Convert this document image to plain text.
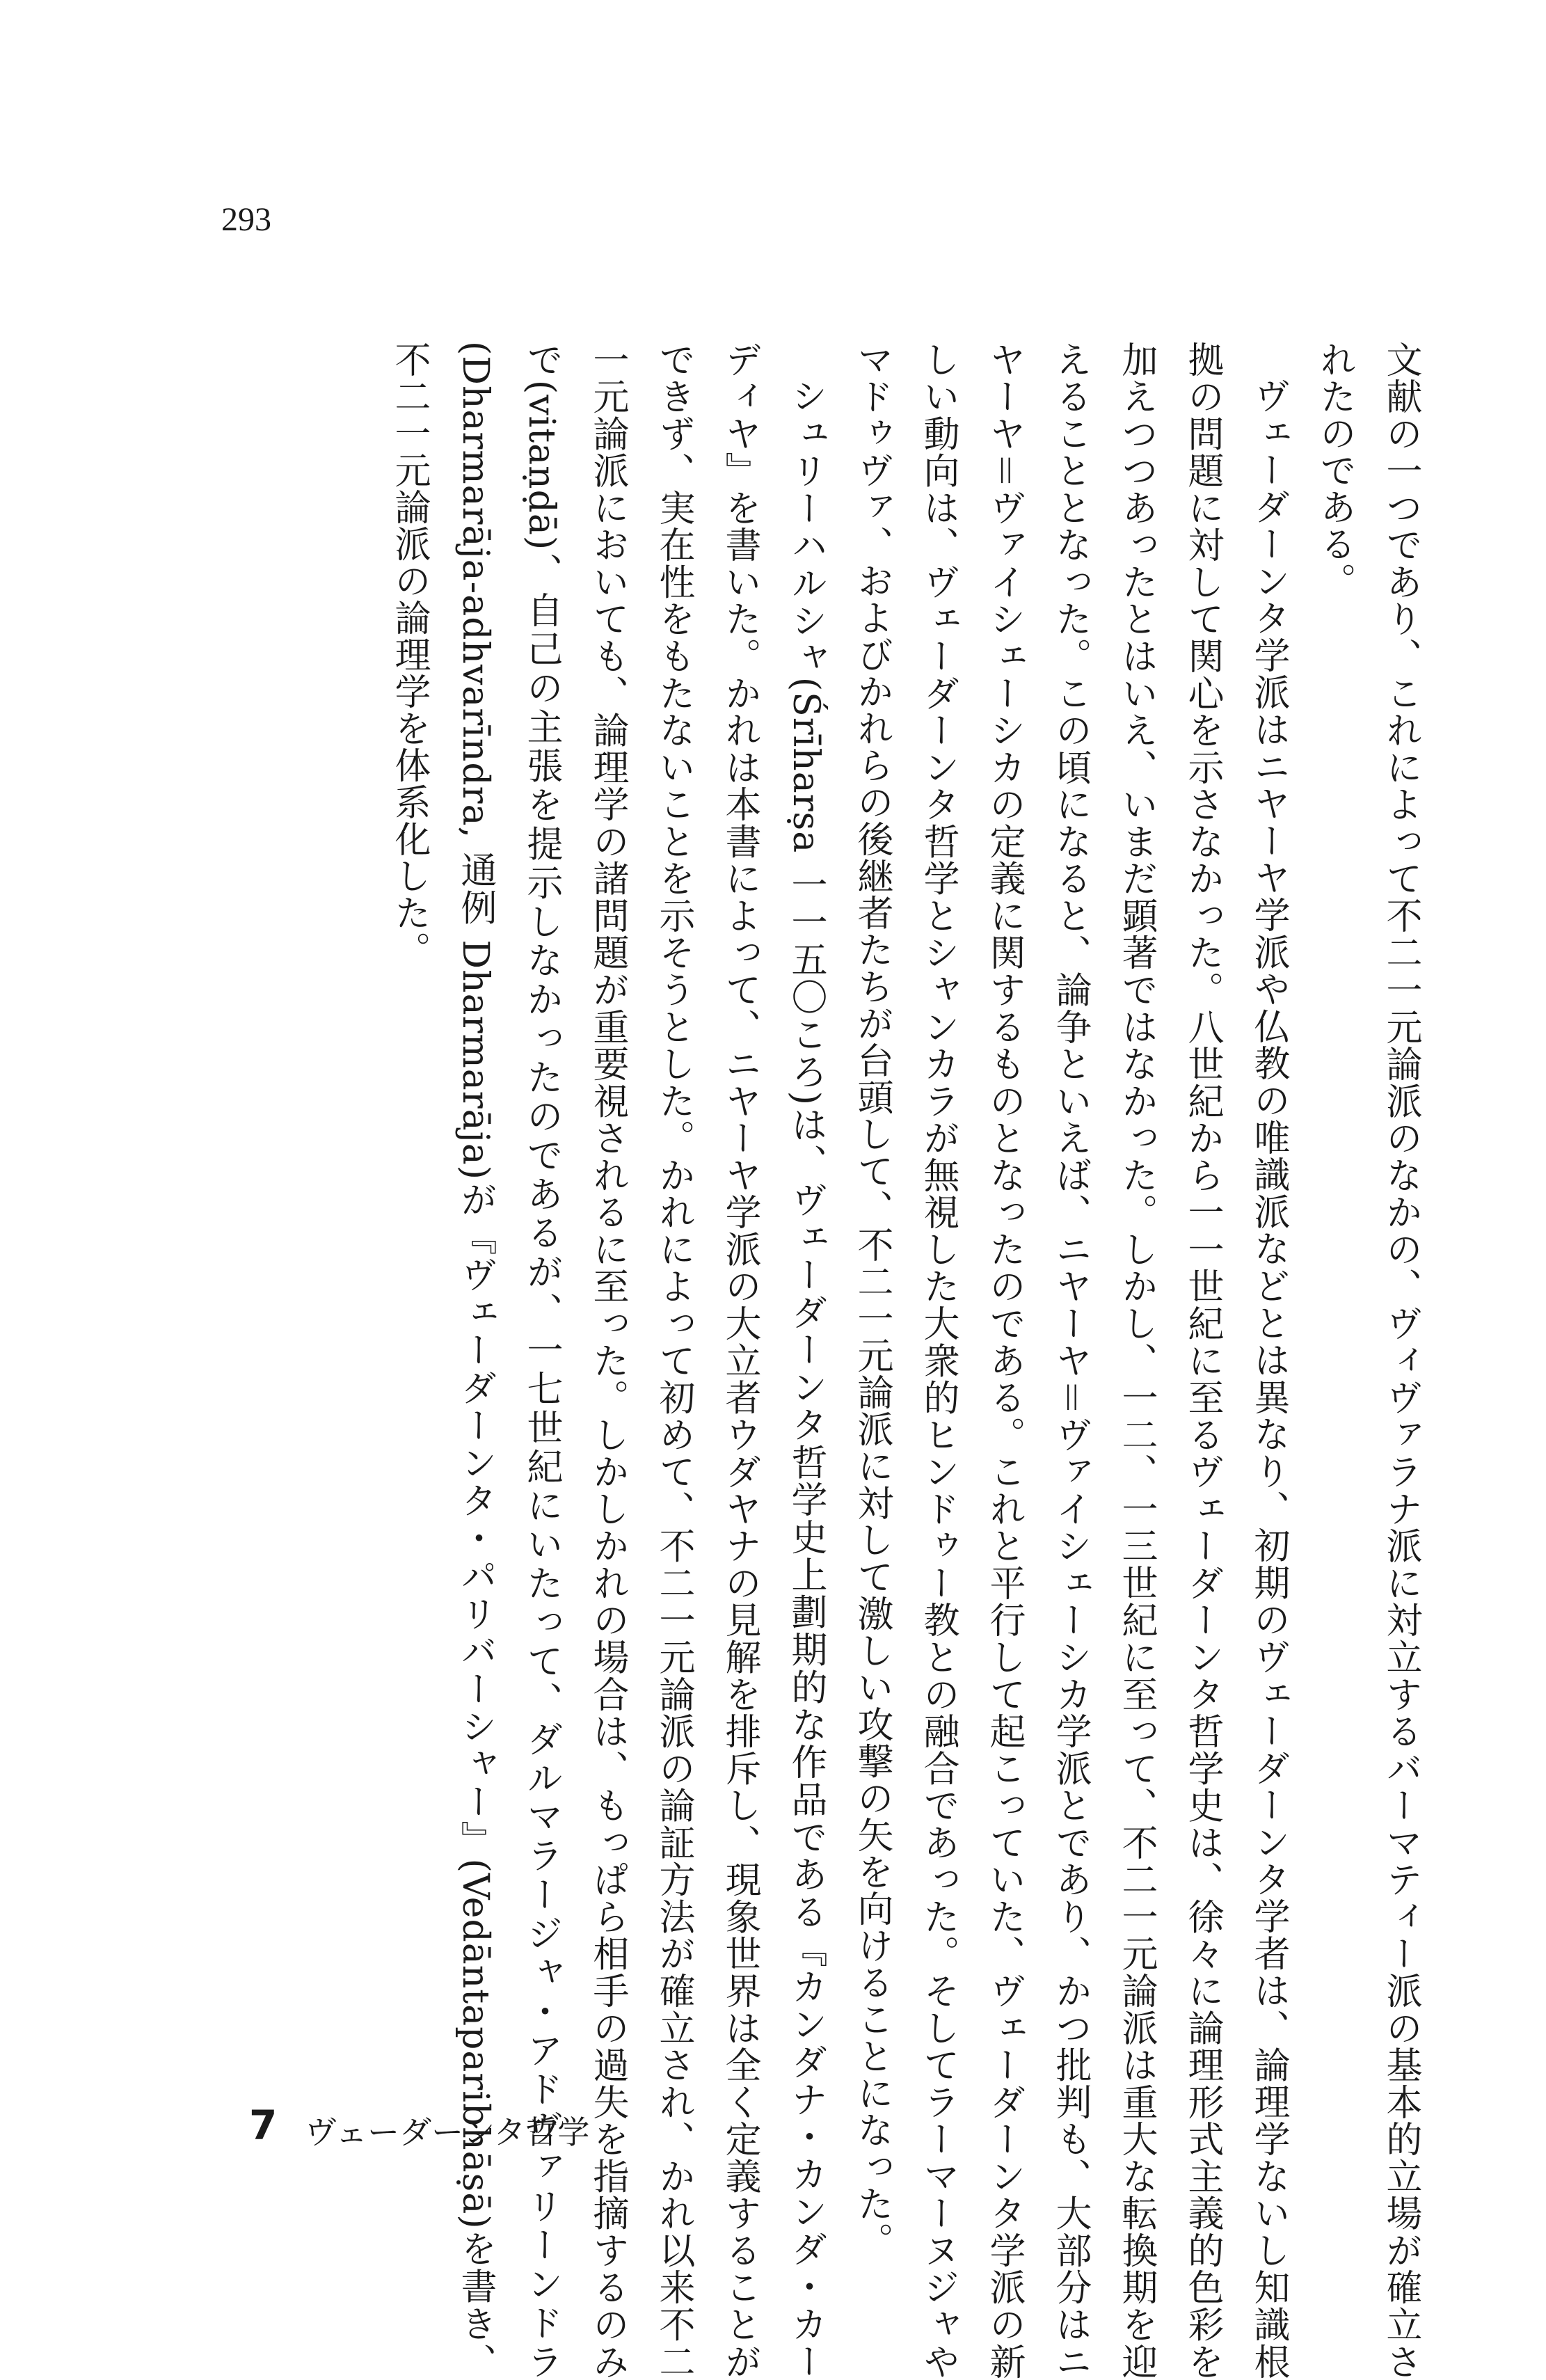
293

文献の一つであり、これによって不二一元論派のなかの、ヴィヴァラナ派に対立するバーマティー派の基本的立場が確立されたのである。

ヴェーダーンタ学派はニヤーヤ学派や仏教の唯識派などとは異なり、初期のヴェーダーンタ学者は、論理学ないし知識根拠の問題に対して関心を示さなかった。八世紀から一一世紀に至るヴェーダーンタ哲学史は、徐々に論理形式主義的色彩を加えつつあったとはいえ、いまだ顕著ではなかった。しかし、一二、一三世紀に至って、不二一元論派は重大な転換期を迎えることとなった。この頃になると、論争といえば、ニヤーヤ＝ヴァイシェーシカ学派とであり、かつ批判も、大部分はニヤーヤ＝ヴァイシェーシカの定義に関するものとなったのである。これと平行して起こっていた、ヴェーダーンタ学派の新しい動向は、ヴェーダーンタ哲学とシャンカラが無視した大衆的ヒンドゥー教との融合であった。そしてラーマーヌジャやマドゥヴァ、およびかれらの後継者たちが台頭して、不二一元論派に対して激しい攻撃の矢を向けることになった。

シュリーハルシャ(Śrīharṣa 一一五〇ころ)は、ヴェーダーンタ哲学史上劃期的な作品である『カンダナ・カンダ・カーディヤ』を書いた。かれは本書によって、ニヤーヤ学派の大立者ウダヤナの見解を排斥し、現象世界は全く定義することができず、実在性をもたないことを示そうとした。かれによって初めて、不二一元論派の論証方法が確立され、かれ以来不二一元論派においても、論理学の諸問題が重要視されるに至った。しかしかれの場合は、もっぱら相手の過失を指摘するのみで(vitaṇḍā)、自己の主張を提示しなかったのであるが、一七世紀にいたって、ダルマラージャ・アドヴァリーンドラ(Dharmarāja-adhvarīndra, 通例 Dharmarāja)が『ヴェーダーンタ・パリバーシャー』(Vedāntaparibhāṣā)を書き、不二一元論派の論理学を体系化した。

7 ヴェーダーンタ哲学
